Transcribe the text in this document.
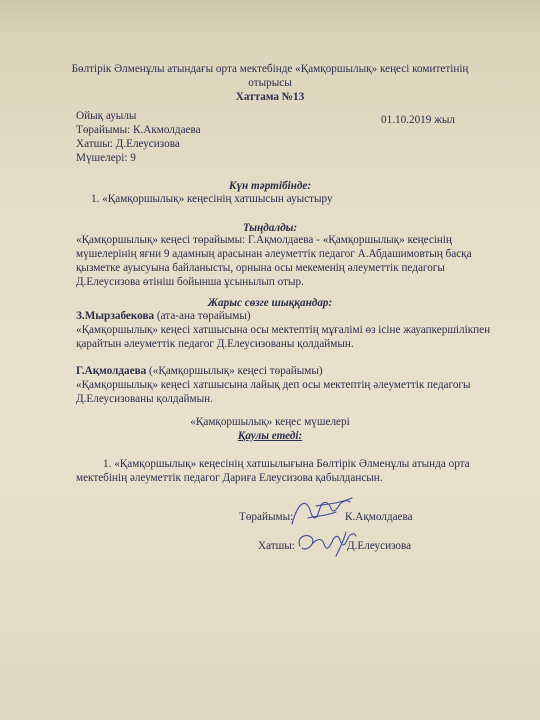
Бөлтірік Әлменұлы атындағы орта мектебінде «Қамқоршылық» кеңесі комитетінің
отырысы
Хаттама №13
Ойық ауылы	01.10.2019 жыл
Төрайымы: К.Акмолдаева
Хатшы: Д.Елеусизова
Мүшелері: 9
Күн тәртібінде:
1. «Қамқоршылық» кеңесінің хатшысын ауыстыру
Тыңдалды:
«Қамқоршылық» кеңесі төрайымы: Г.Ақмолдаева - «Қамқоршылық» кеңесінің
мүшелерінің яғни 9 адамның арасынан әлеуметтік педагог А.Абдашимовтың басқа
қызметке ауысуына байланысты, орнына осы мекеменің әлеуметтік педагогы
Д.Елеусизова өтініш бойынша ұсынылып отыр.
Жарыс сөзге шыққандар:
З.Мырзабекова (ата-ана төрайымы)
«Қамқоршылық» кеңесі хатшысына осы мектептің мұғалімі өз ісіне жауапкершілікпен
қарайтын әлеуметтік педагог Д.Елеусизованы қолдаймын.
Г.Ақмолдаева («Қамқоршылық» кеңесі төрайымы)
«Қамқоршылық» кеңесі хатшысына лайық деп осы мектептің әлеуметтік педагогы
Д.Елеусизованы қолдаймын.
«Қамқоршылық» кеңес мүшелері
Қаулы етеді:
1. «Қамқоршылық» кеңесінің хатшылығына Бөлтірік Әлменұлы атында орта
мектебінің әлеуметтік педагог Дариға Елеусизова қабылдансын.
Төрайымы:	К.Ақмолдаева
Хатшы:	Д.Елеусизова
